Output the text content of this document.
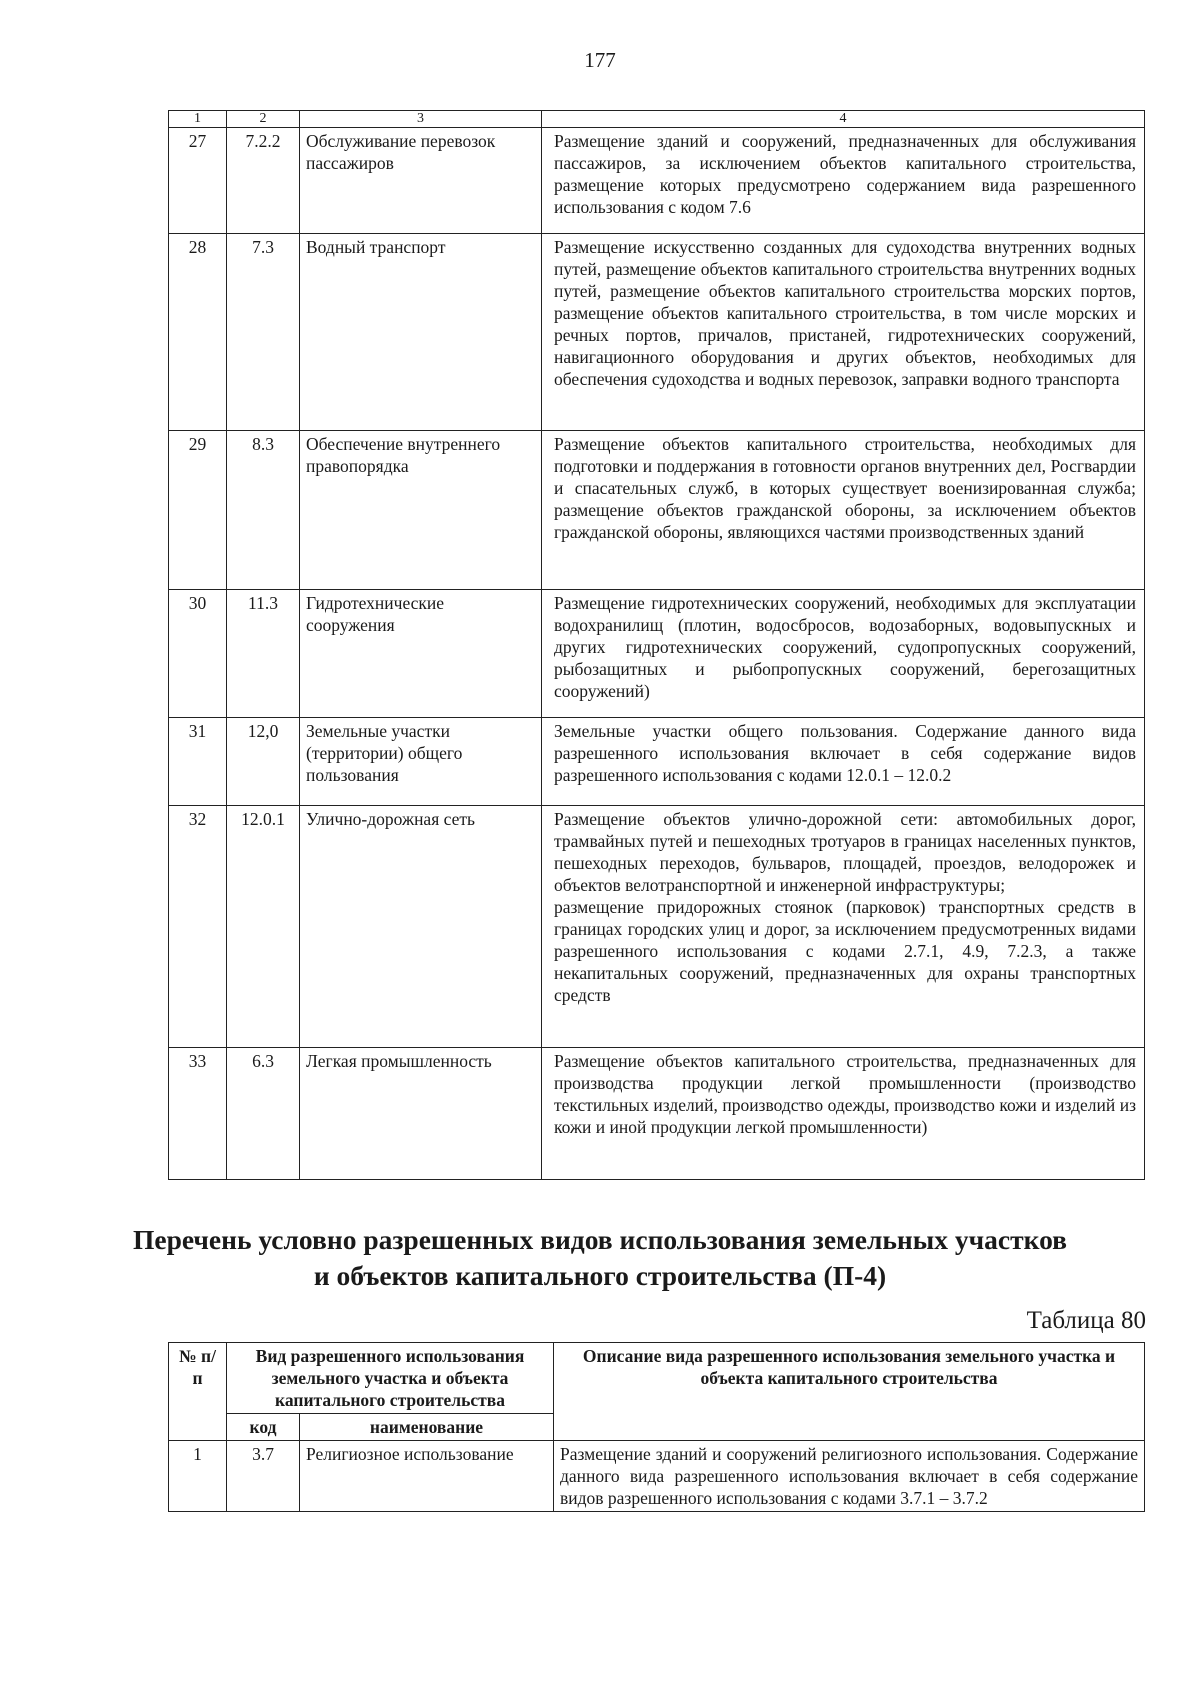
177
1	2	3	4
27	7.2.2	Обслуживание перевозок пассажиров	Размещение зданий и сооружений, предназначенных для обслуживания пассажиров, за исключением объектов капитального строительства, размещение которых предусмотрено содержанием вида разрешенного использования с кодом 7.6

28	7.3	Водный транспорт	Размещение искусственно созданных для судоходства внутренних водных путей, размещение объектов капитального строительства внутренних водных путей, размещение объектов капитального строительства морских портов, размещение объектов капитального строительства, в том числе морских и речных портов, причалов, пристаней, гидротехнических сооружений, навигационного оборудования и других объектов, необходимых для обеспечения судоходства и водных перевозок, заправки водного транспорта

29	8.3	Обеспечение внутреннего правопорядка	Размещение объектов капитального строительства, необходимых для подготовки и поддержания в готовности органов внутренних дел, Росгвардии и спасательных служб, в которых существует военизированная служба; размещение объектов гражданской обороны, за исключением объектов гражданской обороны, являющихся частями производственных зданий

30	11.3	Гидротехнические сооружения	Размещение гидротехнических сооружений, необходимых для эксплуатации водохранилищ (плотин, водосбросов, водозаборных, водовыпускных и других гидротехнических сооружений, судопропускных сооружений, рыбозащитных и рыбопропускных сооружений, берегозащитных сооружений)

31	12,0	Земельные участки (территории) общего пользования	Земельные участки общего пользования. Содержание данного вида разрешенного использования включает в себя содержание видов разрешенного использования с кодами 12.0.1 – 12.0.2

32	12.0.1	Улично-дорожная сеть	Размещение объектов улично-дорожной сети: автомобильных дорог, трамвайных путей и пешеходных тротуаров в границах населенных пунктов, пешеходных переходов, бульваров, площадей, проездов, велодорожек и объектов велотранспортной и инженерной инфраструктуры;

размещение придорожных стоянок (парковок) транспортных средств в границах городских улиц и дорог, за исключением предусмотренных видами разрешенного использования с кодами 2.7.1, 4.9, 7.2.3, а также некапитальных сооружений, предназначенных для охраны транспортных средств

33	6.3	Легкая промышленность	Размещение объектов капитального строительства, предназначенных для производства продукции легкой промышленности (производство текстильных изделий, производство одежды, производство кожи и изделий из кожи и иной продукции легкой промышленности)

Перечень условно разрешенных видов использования земельных участков
и объектов капитального строительства (П-4)
Таблица 80
№ п/п	Вид разрешенного использования земельного участка и объекта капитального строительства		Описание вида разрешенного использования земельного участка и объекта капитального строительства
	код	наименование	
1	3.7	Религиозное использование	Размещение зданий и сооружений религиозного использования. Содержание данного вида разрешенного использования включает в себя содержание видов разрешенного использования с кодами 3.7.1 – 3.7.2
